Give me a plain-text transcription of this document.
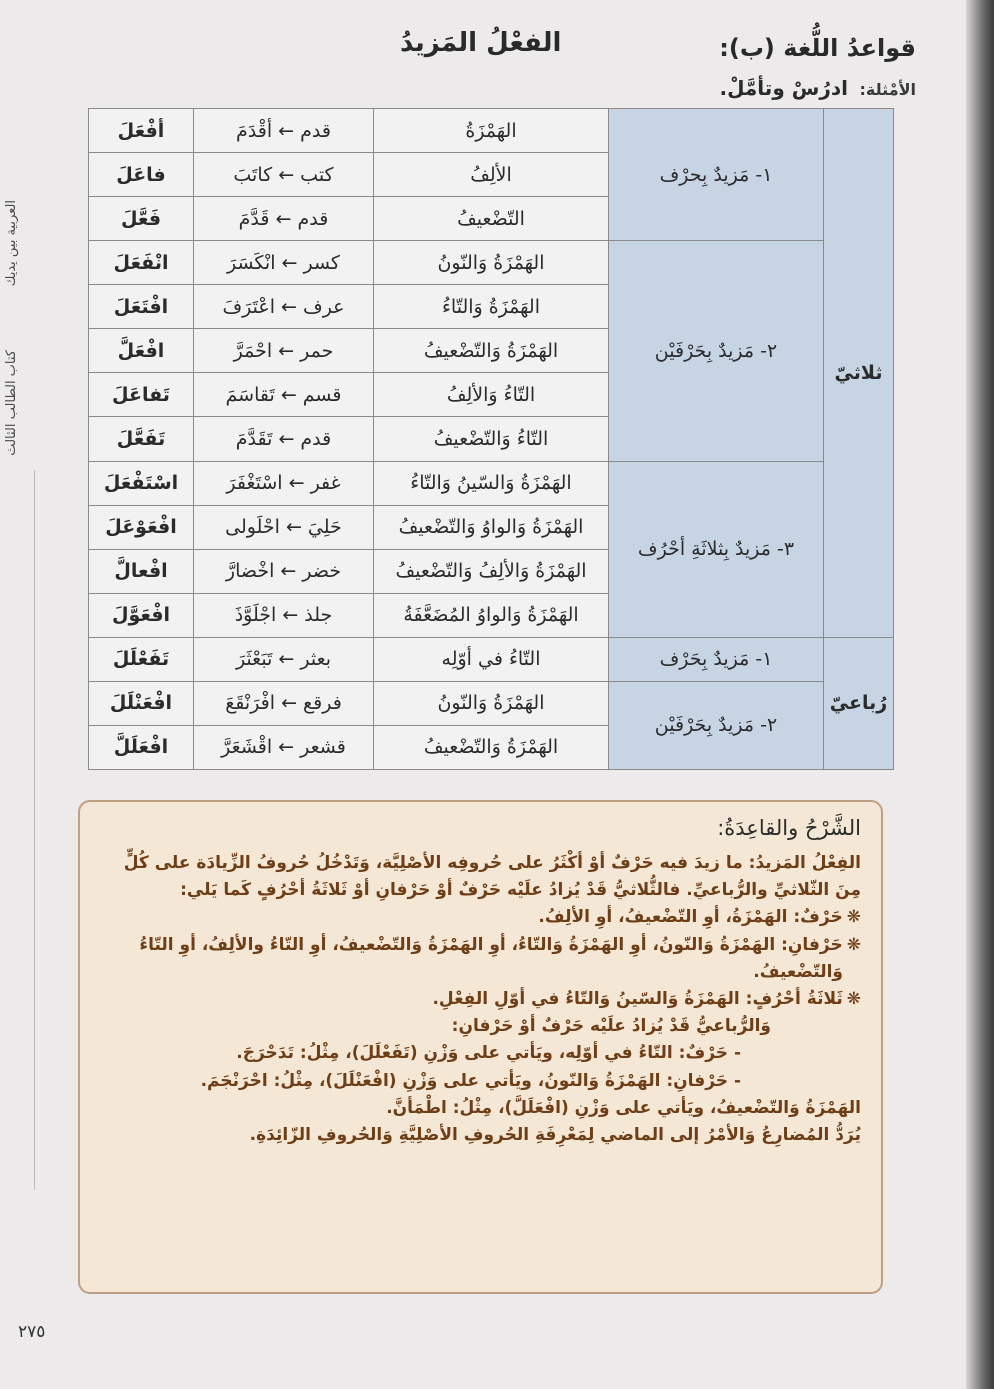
قواعدُ اللُّغة (ب):
الفعْلُ المَزيدُ
الأمْثلة: ادرُسْ وتأمَّلْ.
العربية بين يديك
كتاب الطالب الثالث	ثلاثيّ	١- مَزيدٌ بِحرْف	الهَمْزَةُ	قدم ← أقْدَمَ	أفْعَلَ
		الألِفُ	كتب ← كاتَبَ	فاعَلَ
		التّضْعيفُ	قدم ← قَدَّمَ	فَعَّلَ
	٢- مَزيدٌ بِحَرْفَيْن	الهَمْزَةُ وَالنّونُ	كسر ← انْكَسَرَ	انْفَعَلَ
		الهَمْزَةُ وَالتّاءُ	عرف ← اعْتَرَفَ	افْتَعَلَ
		الهَمْزَةُ وَالتّضْعيفُ	حمر ← احْمَرَّ	افْعَلَّ
		التّاءُ وَالألِفُ	قسم ← تَقاسَمَ	تَفاعَلَ
		التّاءُ وَالتّضْعيفُ	قدم ← تَقَدَّمَ	تَفَعَّلَ
	٣- مَزيدٌ بِثلاثَةِ أحْرُف	الهَمْزَةُ وَالسّينُ وَالتّاءُ	غفر ← اسْتَغْفَرَ	اسْتَفْعَلَ
		الهَمْزَةُ وَالواوُ وَالتّضْعيفُ	حَلِيَ ← احْلَولى	افْعَوْعَلَ
		الهَمْزَةُ وَالألِفُ وَالتّضْعيفُ	خضر ← اخْضارَّ	افْعالَّ
		الهَمْزَةُ وَالواوُ المُضَعَّفَةُ	جلذ ← اجْلَوَّذَ	افْعَوَّلَ
رُباعيّ	١- مَزيدٌ بِحَرْف	التّاءُ في أوّلِه	بعثر ← تَبَعْثَرَ	تَفَعْلَلَ
	٢- مَزيدٌ بِحَرْفَيْن	الهَمْزَةُ وَالنّونُ	فرقع ← افْرَنْقَعَ	افْعَنْلَلَ
		الهَمْزَةُ وَالتّضْعيفُ	قشعر ← اقْشَعَرَّ	افْعَلَلَّ
الشَّرْحُ والقاعِدَةُ:
الفِعْلُ المَزيدُ: ما زيدَ فيه حَرْفٌ أوْ أكْثَرُ على حُروفِه الأصْلِيَّة، وَتَدْخُلُ حُروفُ الزِّيادَة على كُلٍّ
مِنَ الثّلاثيِّ والرُّباعيِّ. فالثُّلاثيُّ قَدْ يُزادُ علَيْه حَرْفٌ أوْ حَرْفانِ أوْ ثَلاثَةُ أحْرُفٍ كَما يَلي:
❋حَرْفٌ: الهَمْزَةُ، أوِ التّضْعيفُ، أوِ الألِفُ.
❋حَرْفانِ: الهَمْزَةُ وَالنّونُ، أوِ الهَمْزَةُ وَالتّاءُ، أوِ الهَمْزَةُ وَالتّضْعيفُ، أوِ التّاءُ والألِفُ، أوِ التّاءُ
وَالتّضْعيفُ.
❋ثَلاثَةُ أحْرُفٍ: الهَمْزَةُ وَالسّينُ وَالتّاءُ في أوّلِ الفِعْلِ.
وَالرُّباعيُّ قَدْ يُزادُ علَيْه حَرْفٌ أوْ حَرْفانِ:
- حَرْفٌ: التّاءُ في أوّلِه، ويَأتي على وَزْنِ (تَفَعْلَلَ)، مِثْلُ: تَدَحْرَجَ.
- حَرْفانِ: الهَمْزَةُ وَالنّونُ، ويَأتي على وَزْنِ (افْعَنْلَلَ)، مِثْلُ: احْرَنْجَمَ.
الهَمْزَةُ وَالتّضْعيفُ، ويَأتي على وَزْنِ (افْعَلَلَّ)، مِثْلُ: اطْمَأنَّ.
يُرَدُّ المُضارِعُ وَالأمْرُ إلى الماضي لِمَعْرِفَةِ الحُروفِ الأصْلِيَّةِ وَالحُروفِ الزّائِدَةِ.
٢٧٥
